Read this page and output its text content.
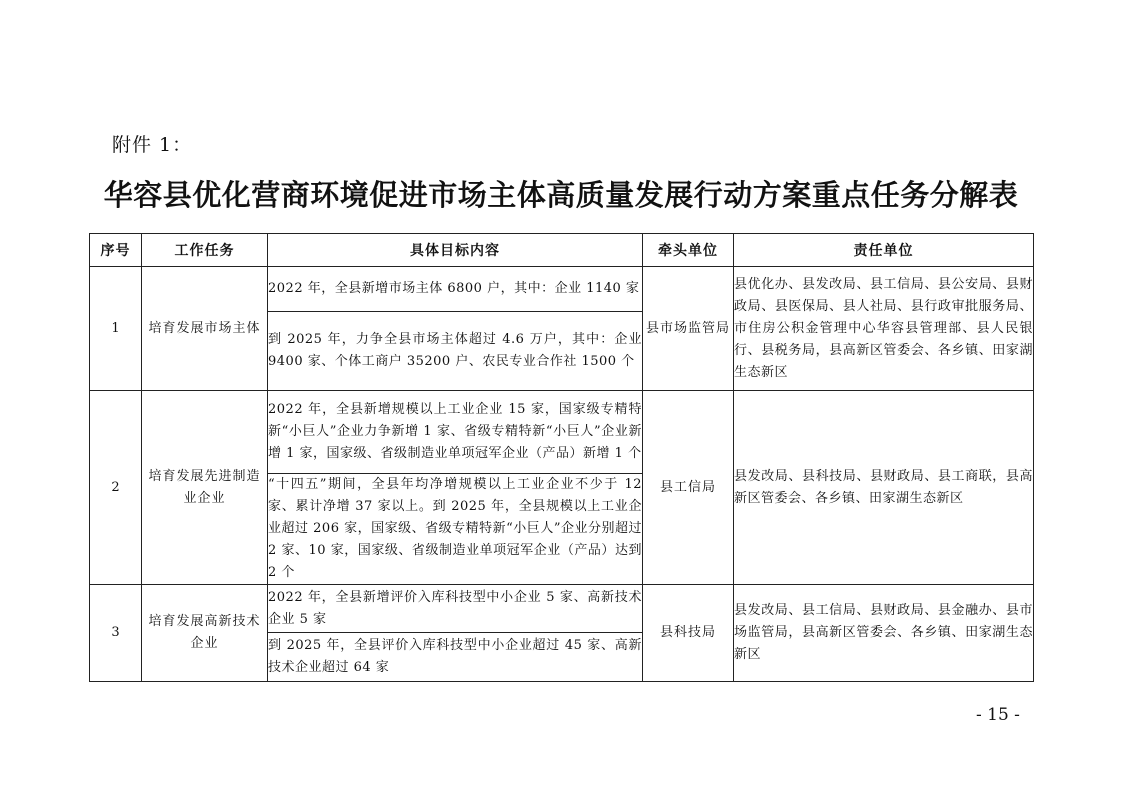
附件 1：
华容县优化营商环境促进市场主体高质量发展行动方案重点任务分解表
序号	工作任务	具体目标内容	牵头单位	责任单位
1	培育发展市场主体	2022 年，全县新增市场主体 6800 户，其中：企业 1140 家	县市场监管局	县优化办、县发改局、县工信局、县公安局、县财政局、县医保局、县人社局、县行政审批服务局、市住房公积金管理中心华容县管理部、县人民银行、县税务局，县高新区管委会、各乡镇、田家湖生态新区
		到 2025 年，力争全县市场主体超过 4.6 万户，其中：企业 9400 家、个体工商户 35200 户、农民专业合作社 1500 个		
2	培育发展先进制造业企业	2022 年，全县新增规模以上工业企业 15 家，国家级专精特新“小巨人”企业力争新增 1 家、省级专精特新“小巨人”企业新增 1 家，国家级、省级制造业单项冠军企业（产品）新增 1 个	县工信局	县发改局、县科技局、县财政局、县工商联，县高新区管委会、各乡镇、田家湖生态新区
		“十四五”期间，全县年均净增规模以上工业企业不少于 12 家、累计净增 37 家以上。到 2025 年，全县规模以上工业企业超过 206 家，国家级、省级专精特新“小巨人”企业分别超过 2 家、10 家，国家级、省级制造业单项冠军企业（产品）达到 2 个		
3	培育发展高新技术企业	2022 年，全县新增评价入库科技型中小企业 5 家、高新技术企业 5 家	县科技局	县发改局、县工信局、县财政局、县金融办、县市场监管局，县高新区管委会、各乡镇、田家湖生态新区
		到 2025 年，全县评价入库科技型中小企业超过 45 家、高新技术企业超过 64 家		
- 15 -
